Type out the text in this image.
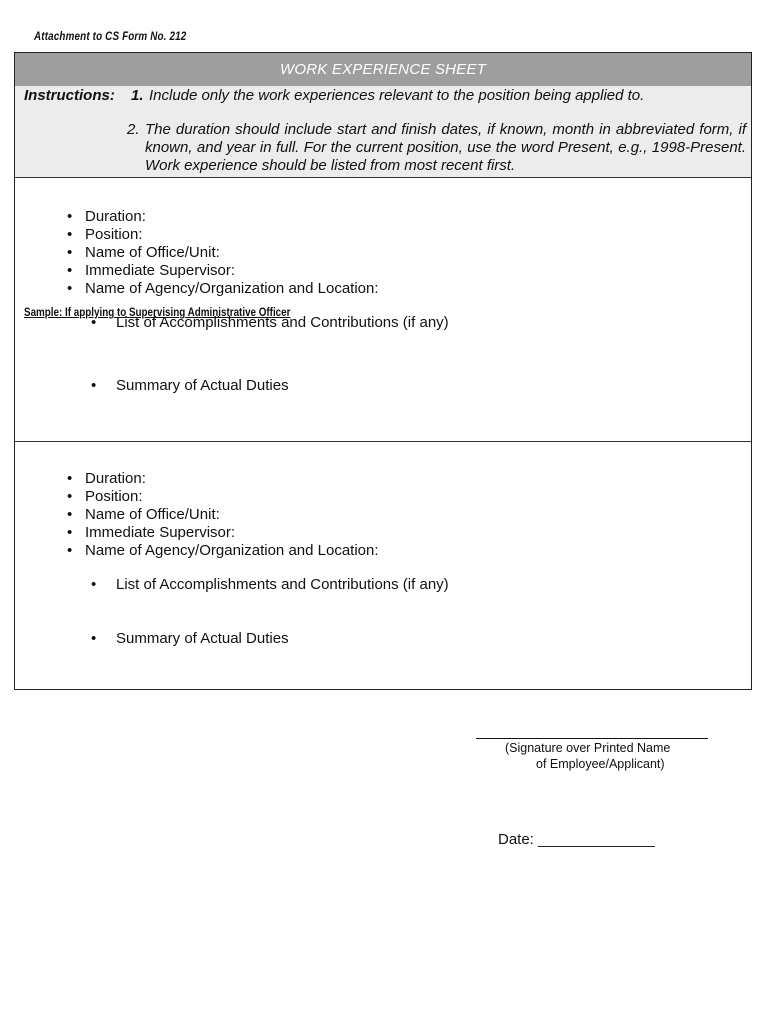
Attachment to CS Form No. 212
WORK EXPERIENCE SHEET
Instructions: 1. Include only the work experiences relevant to the position being applied to.
2. The duration should include start and finish dates, if known, month in abbreviated form, if known, and year in full. For the current position, use the word Present, e.g., 1998-Present. Work experience should be listed from most recent first.
Sample: If applying to Supervising Administrative Officer
• Duration:
• Position:
• Name of Office/Unit:
• Immediate Supervisor:
• Name of Agency/Organization and Location:
• List of Accomplishments and Contributions (if any)
• Summary of Actual Duties
• Duration:
• Position:
• Name of Office/Unit:
• Immediate Supervisor:
• Name of Agency/Organization and Location:
• List of Accomplishments and Contributions (if any)
• Summary of Actual Duties
(Signature over Printed Name
of Employee/Applicant)
Date: ______________
